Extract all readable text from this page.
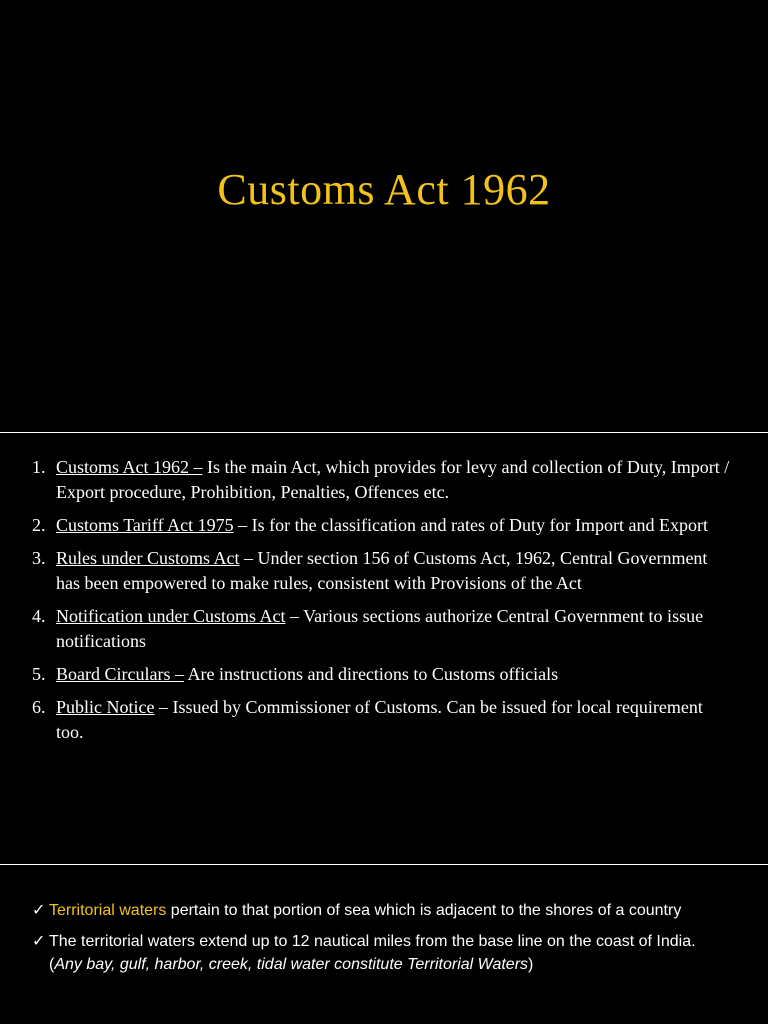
Customs Act 1962
1. Customs Act 1962 – Is the main Act, which provides for levy and collection of Duty, Import / Export procedure, Prohibition, Penalties, Offences etc.
2. Customs Tariff Act 1975 – Is for the classification and rates of Duty for Import and Export
3. Rules under Customs Act – Under section 156 of Customs Act, 1962, Central Government has been empowered to make rules, consistent with Provisions of the Act
4. Notification under Customs Act – Various sections authorize Central Government to issue notifications
5. Board Circulars – Are instructions and directions to Customs officials
6. Public Notice – Issued by Commissioner of Customs. Can be issued for local requirement too.
✓ Territorial waters pertain to that portion of sea which is adjacent to the shores of a country
✓ The territorial waters extend up to 12 nautical miles from the base line on the coast of India. (Any bay, gulf, harbor, creek, tidal water constitute Territorial Waters)
